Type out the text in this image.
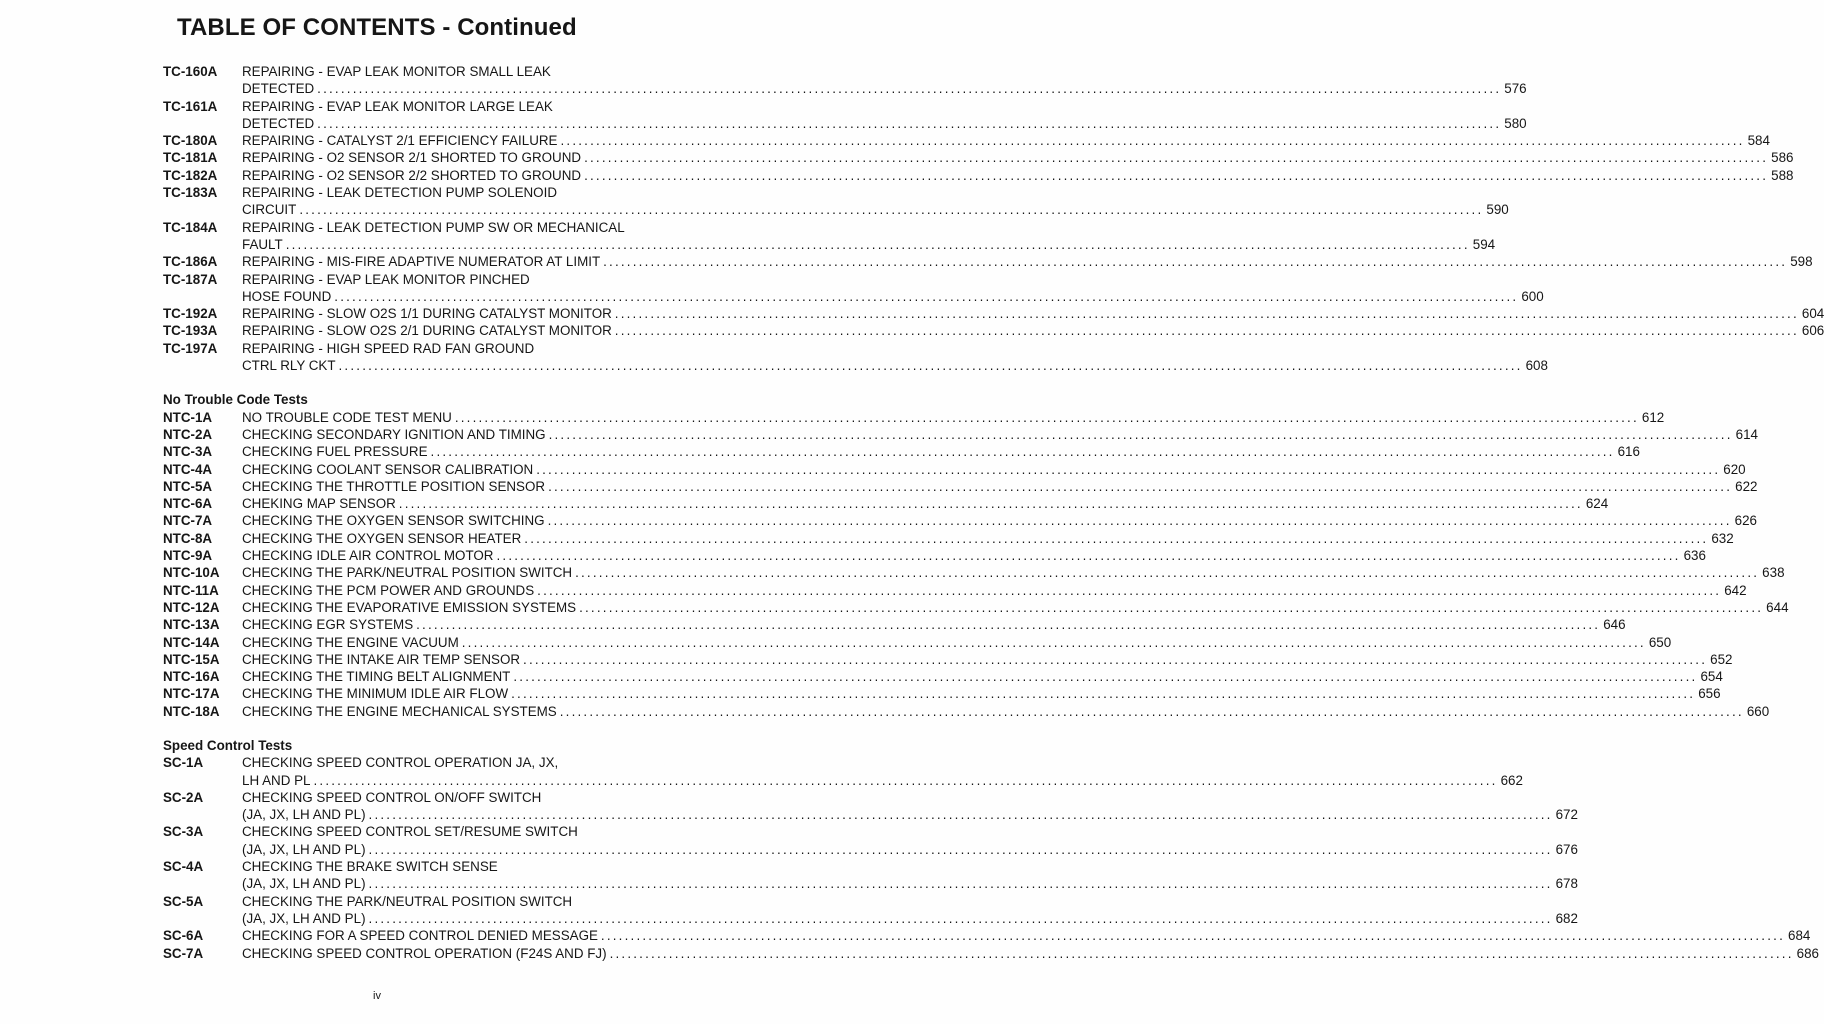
TABLE OF CONTENTS - Continued
TC-160A REPAIRING - EVAP LEAK MONITOR SMALL LEAK
DETECTED ........................................................................................................................................................................................................ 576
TC-161A REPAIRING - EVAP LEAK MONITOR LARGE LEAK
DETECTED ........................................................................................................................................................................................................ 580
TC-180A REPAIRING - CATALYST 2/1 EFFICIENCY FAILURE ........................................................................................................................................................................................................ 584
TC-181A REPAIRING - O2 SENSOR 2/1 SHORTED TO GROUND ........................................................................................................................................................................................................ 586
TC-182A REPAIRING - O2 SENSOR 2/2 SHORTED TO GROUND ........................................................................................................................................................................................................ 588
TC-183A REPAIRING - LEAK DETECTION PUMP SOLENOID
CIRCUIT ........................................................................................................................................................................................................ 590
TC-184A REPAIRING - LEAK DETECTION PUMP SW OR MECHANICAL
FAULT ........................................................................................................................................................................................................ 594
TC-186A REPAIRING - MIS-FIRE ADAPTIVE NUMERATOR AT LIMIT ........................................................................................................................................................................................................ 598
TC-187A REPAIRING - EVAP LEAK MONITOR PINCHED
HOSE FOUND ........................................................................................................................................................................................................ 600
TC-192A REPAIRING - SLOW O2S 1/1 DURING CATALYST MONITOR ........................................................................................................................................................................................................ 604
TC-193A REPAIRING - SLOW O2S 2/1 DURING CATALYST MONITOR ........................................................................................................................................................................................................ 606
TC-197A REPAIRING - HIGH SPEED RAD FAN GROUND
CTRL RLY CKT ........................................................................................................................................................................................................ 608
No Trouble Code Tests
NTC-1A NO TROUBLE CODE TEST MENU ........................................................................................................................................................................................................ 612
NTC-2A CHECKING SECONDARY IGNITION AND TIMING ........................................................................................................................................................................................................ 614
NTC-3A CHECKING FUEL PRESSURE ........................................................................................................................................................................................................ 616
NTC-4A CHECKING COOLANT SENSOR CALIBRATION ........................................................................................................................................................................................................ 620
NTC-5A CHECKING THE THROTTLE POSITION SENSOR ........................................................................................................................................................................................................ 622
NTC-6A CHEKING MAP SENSOR ........................................................................................................................................................................................................ 624
NTC-7A CHECKING THE OXYGEN SENSOR SWITCHING ........................................................................................................................................................................................................ 626
NTC-8A CHECKING THE OXYGEN SENSOR HEATER ........................................................................................................................................................................................................ 632
NTC-9A CHECKING IDLE AIR CONTROL MOTOR ........................................................................................................................................................................................................ 636
NTC-10A CHECKING THE PARK/NEUTRAL POSITION SWITCH ........................................................................................................................................................................................................ 638
NTC-11A CHECKING THE PCM POWER AND GROUNDS ........................................................................................................................................................................................................ 642
NTC-12A CHECKING THE EVAPORATIVE EMISSION SYSTEMS ........................................................................................................................................................................................................ 644
NTC-13A CHECKING EGR SYSTEMS ........................................................................................................................................................................................................ 646
NTC-14A CHECKING THE ENGINE VACUUM ........................................................................................................................................................................................................ 650
NTC-15A CHECKING THE INTAKE AIR TEMP SENSOR ........................................................................................................................................................................................................ 652
NTC-16A CHECKING THE TIMING BELT ALIGNMENT ........................................................................................................................................................................................................ 654
NTC-17A CHECKING THE MINIMUM IDLE AIR FLOW ........................................................................................................................................................................................................ 656
NTC-18A CHECKING THE ENGINE MECHANICAL SYSTEMS ........................................................................................................................................................................................................ 660
Speed Control Tests
SC-1A	CHECKING SPEED CONTROL OPERATION JA, JX,
LH AND PL ........................................................................................................................................................................................................ 662
SC-2A	CHECKING SPEED CONTROL ON/OFF SWITCH
(JA, JX, LH AND PL) ........................................................................................................................................................................................................ 672
SC-3A	CHECKING SPEED CONTROL SET/RESUME SWITCH
(JA, JX, LH AND PL) ........................................................................................................................................................................................................ 676
SC-4A	CHECKING THE BRAKE SWITCH SENSE
(JA, JX, LH AND PL) ........................................................................................................................................................................................................ 678
SC-5A	CHECKING THE PARK/NEUTRAL POSITION SWITCH
(JA, JX, LH AND PL) ........................................................................................................................................................................................................ 682
SC-6A	CHECKING FOR A SPEED CONTROL DENIED MESSAGE ........................................................................................................................................................................................................ 684
SC-7A	CHECKING SPEED CONTROL OPERATION (F24S AND FJ) ........................................................................................................................................................................................................ 686
iv
